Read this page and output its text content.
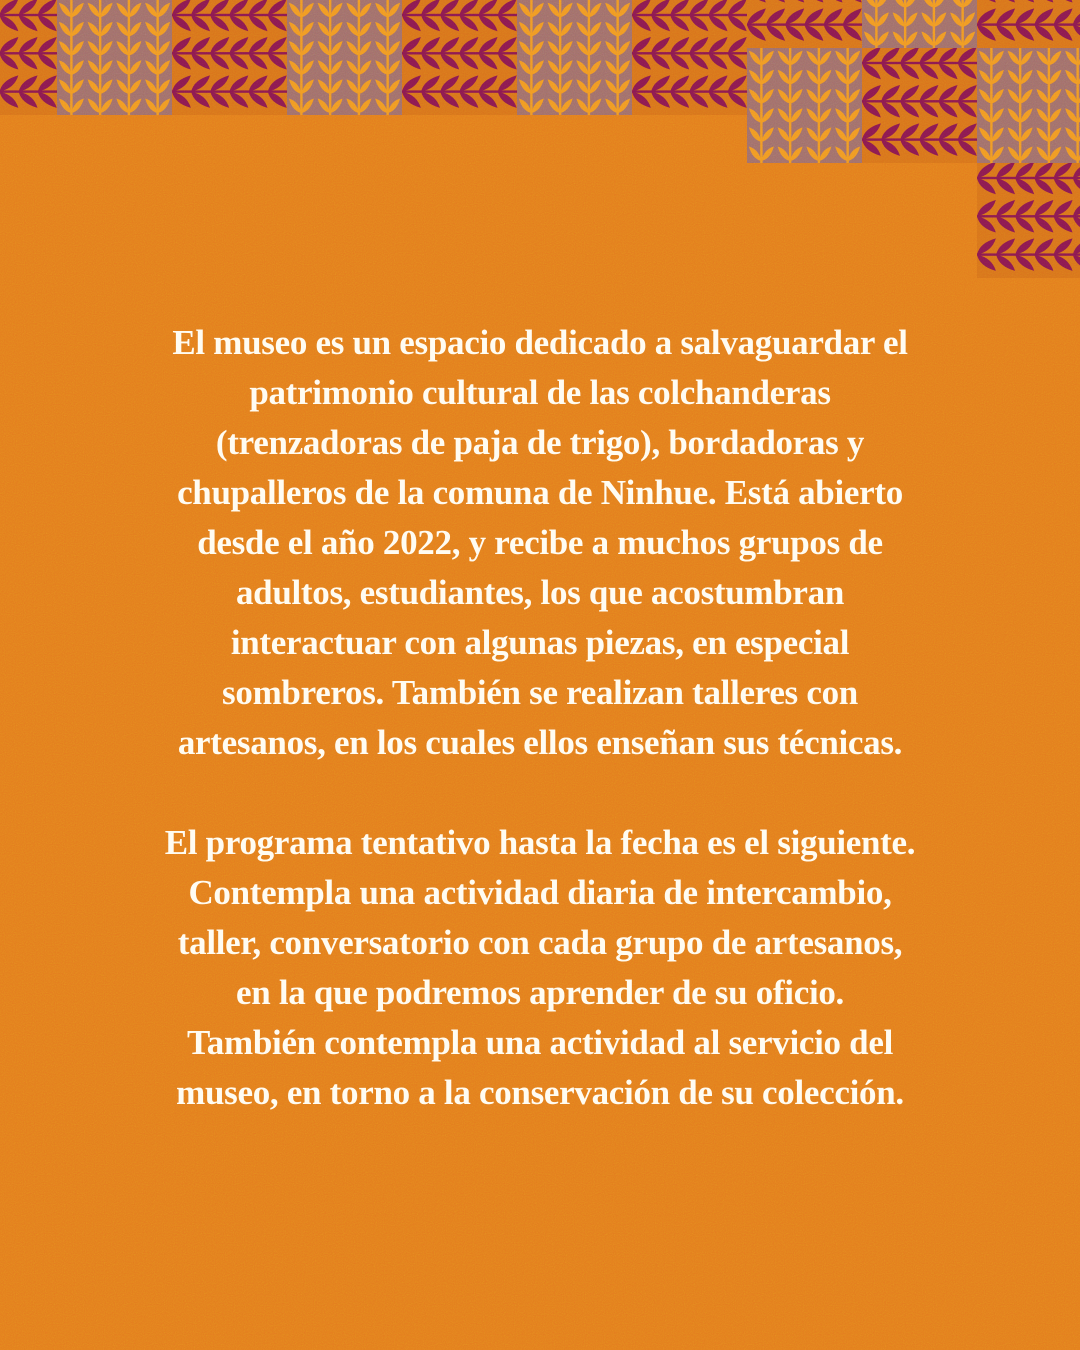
El museo es un espacio dedicado a salvaguardar el
patrimonio cultural de las colchanderas
(trenzadoras de paja de trigo), bordadoras y
chupalleros de la comuna de Ninhue. Está abierto
desde el año 2022, y recibe a muchos grupos de
adultos, estudiantes, los que acostumbran
interactuar con algunas piezas, en especial
sombreros. También se realizan talleres con
artesanos, en los cuales ellos enseñan sus técnicas.
El programa tentativo hasta la fecha es el siguiente.
Contempla una actividad diaria de intercambio,
taller, conversatorio con cada grupo de artesanos,
en la que podremos aprender de su oficio.
También contempla una actividad al servicio del
museo, en torno a la conservación de su colección.
